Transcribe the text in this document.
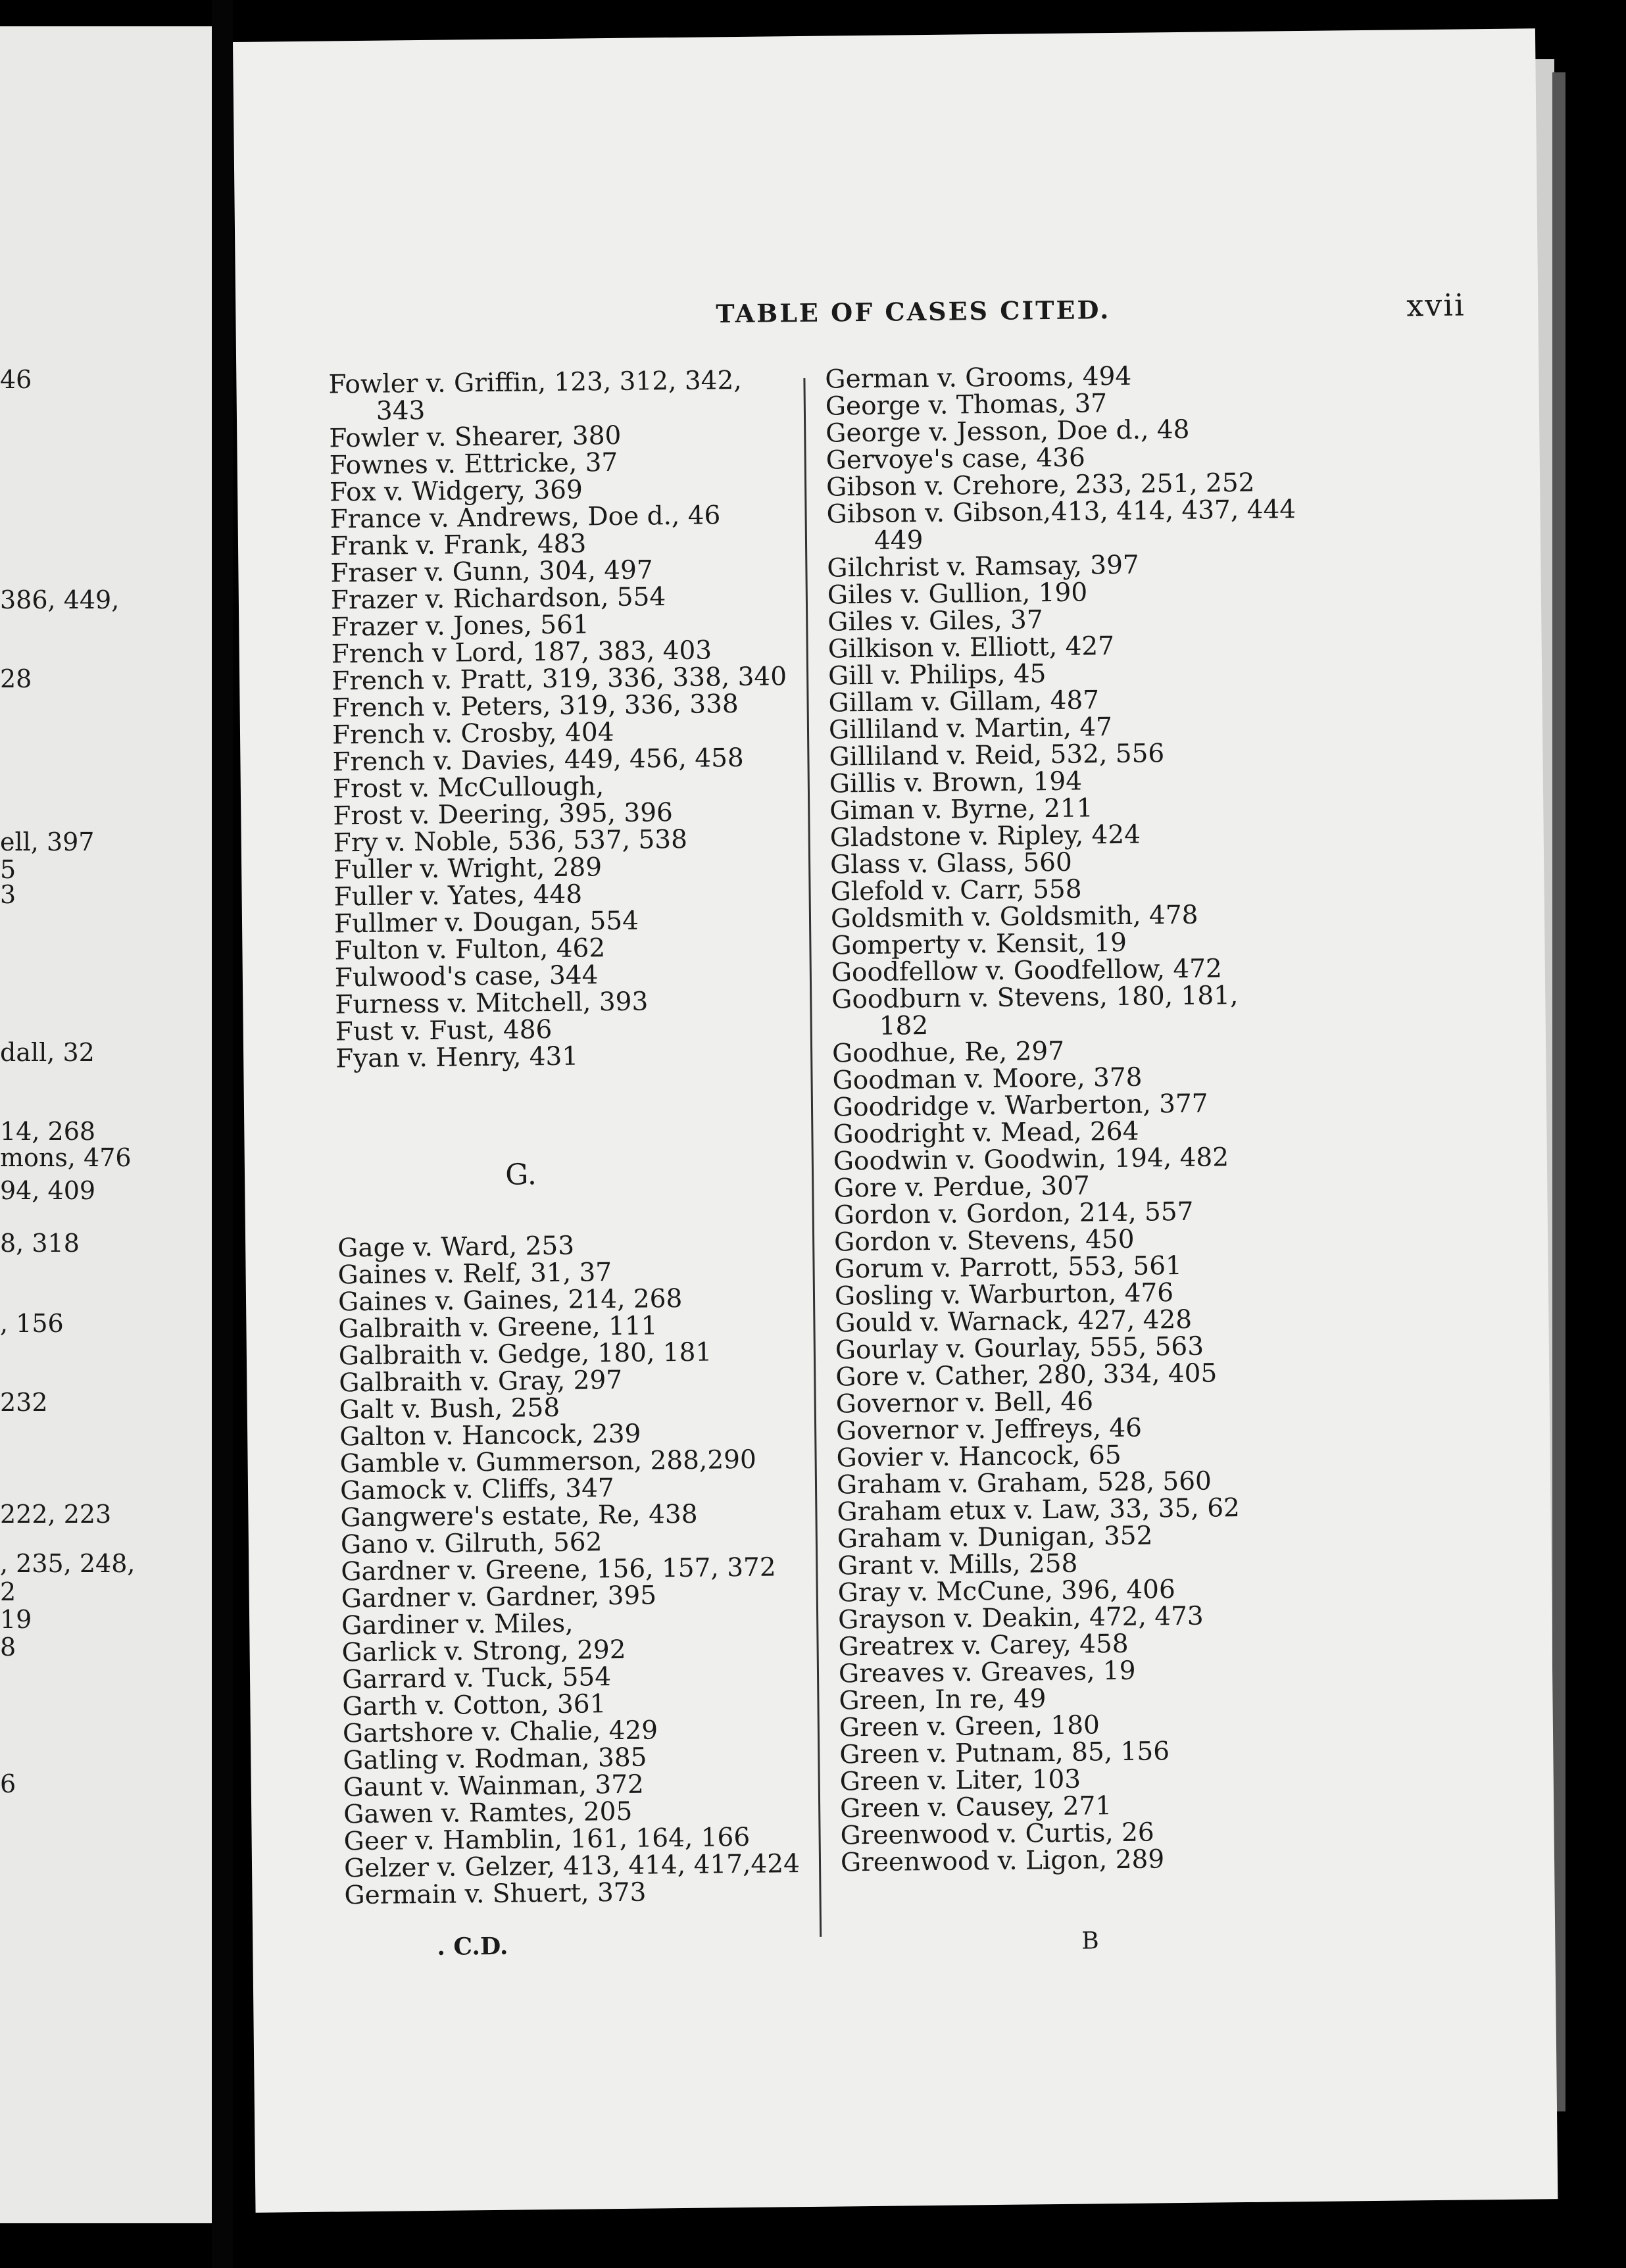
46
386, 449,
28
ell, 397
5
3
dall, 32
14, 268
mons, 476
94, 409
8, 318
, 156
232
222, 223
, 235, 248,
2
19
8
6
TABLE OF CASES CITED.	xvii
Fowler v. Griffin, 123, 312, 342,
343
Fowler v. Shearer, 380
Fownes v. Ettricke, 37
Fox v. Widgery, 369
France v. Andrews, Doe d., 46
Frank v. Frank, 483
Fraser v. Gunn, 304, 497
Frazer v. Richardson, 554
Frazer v. Jones, 561
French v Lord, 187, 383, 403
French v. Pratt, 319, 336, 338, 340
French v. Peters, 319, 336, 338
French v. Crosby, 404
French v. Davies, 449, 456, 458
Frost v. McCullough,
Frost v. Deering, 395, 396
Fry v. Noble, 536, 537, 538
Fuller v. Wright, 289
Fuller v. Yates, 448
Fullmer v. Dougan, 554
Fulton v. Fulton, 462
Fulwood's case, 344
Furness v. Mitchell, 393
Fust v. Fust, 486
Fyan v. Henry, 431
G.
Gage v. Ward, 253
Gaines v. Relf, 31, 37
Gaines v. Gaines, 214, 268
Galbraith v. Greene, 111
Galbraith v. Gedge, 180, 181
Galbraith v. Gray, 297
Galt v. Bush, 258
Galton v. Hancock, 239
Gamble v. Gummerson, 288,290
Gamock v. Cliffs, 347
Gangwere's estate, Re, 438
Gano v. Gilruth, 562
Gardner v. Greene, 156, 157, 372
Gardner v. Gardner, 395
Gardiner v. Miles,
Garlick v. Strong, 292
Garrard v. Tuck, 554
Garth v. Cotton, 361
Gartshore v. Chalie, 429
Gatling v. Rodman, 385
Gaunt v. Wainman, 372
Gawen v. Ramtes, 205
Geer v. Hamblin, 161, 164, 166
Gelzer v. Gelzer, 413, 414, 417,424
Germain v. Shuert, 373
German v. Grooms, 494
George v. Thomas, 37
George v. Jesson, Doe d., 48
Gervoye's case, 436
Gibson v. Crehore, 233, 251, 252
Gibson v. Gibson,413, 414, 437, 444
449
Gilchrist v. Ramsay, 397
Giles v. Gullion, 190
Giles v. Giles, 37
Gilkison v. Elliott, 427
Gill v. Philips, 45
Gillam v. Gillam, 487
Gilliland v. Martin, 47
Gilliland v. Reid, 532, 556
Gillis v. Brown, 194
Giman v. Byrne, 211
Gladstone v. Ripley, 424
Glass v. Glass, 560
Glefold v. Carr, 558
Goldsmith v. Goldsmith, 478
Gomperty v. Kensit, 19
Goodfellow v. Goodfellow, 472
Goodburn v. Stevens, 180, 181,
182
Goodhue, Re, 297
Goodman v. Moore, 378
Goodridge v. Warberton, 377
Goodright v. Mead, 264
Goodwin v. Goodwin, 194, 482
Gore v. Perdue, 307
Gordon v. Gordon, 214, 557
Gordon v. Stevens, 450
Gorum v. Parrott, 553, 561
Gosling v. Warburton, 476
Gould v. Warnack, 427, 428
Gourlay v. Gourlay, 555, 563
Gore v. Cather, 280, 334, 405
Governor v. Bell, 46
Governor v. Jeffreys, 46
Govier v. Hancock, 65
Graham v. Graham, 528, 560
Graham etux v. Law, 33, 35, 62
Graham v. Dunigan, 352
Grant v. Mills, 258
Gray v. McCune, 396, 406
Grayson v. Deakin, 472, 473
Greatrex v. Carey, 458
Greaves v. Greaves, 19
Green, In re, 49
Green v. Green, 180
Green v. Putnam, 85, 156
Green v. Liter, 103
Green v. Causey, 271
Greenwood v. Curtis, 26
Greenwood v. Ligon, 289
. C.D.	B
